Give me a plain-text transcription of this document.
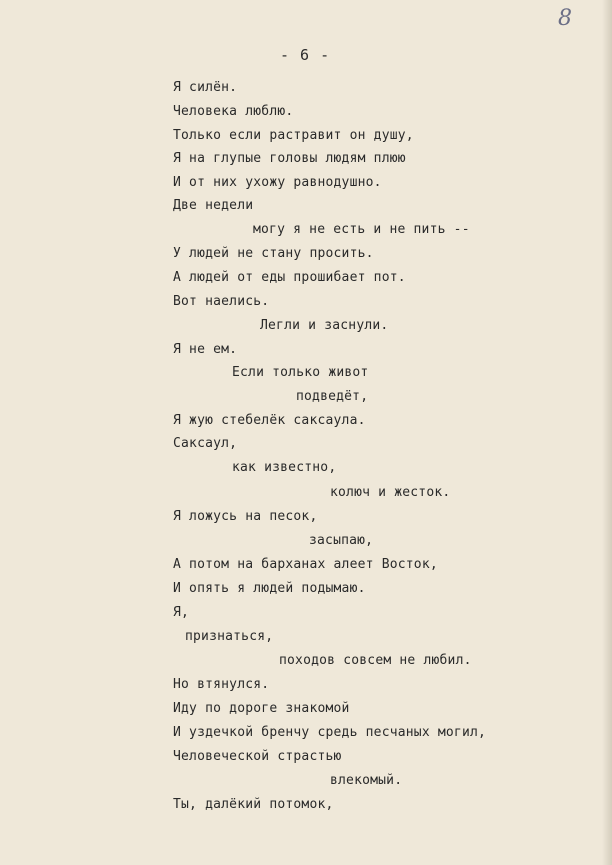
8
- 6 -
Я силён.
Человека люблю.
Только если растравит он душу,
Я на глупые головы людям плюю
И от них ухожу равнодушно.
Две недели
могу я не есть и не пить --
У людей не стану просить.
А людей от еды прошибает пот.
Вот наелись.
Легли и заснули.
Я не ем.
Если только живот
подведёт,
Я жую стебелёк саксаула.
Саксаул,
как известно,
колюч и жесток.
Я ложусь на песок,
засыпаю,
А потом на барханах алеет Восток,
И опять я людей подымаю.
Я,
признаться,
походов совсем не любил.
Но втянулся.
Иду по дороге знакомой
И уздечкой бренчу средь песчаных могил,
Человеческой страстью
влекомый.
Ты, далёкий потомок,
